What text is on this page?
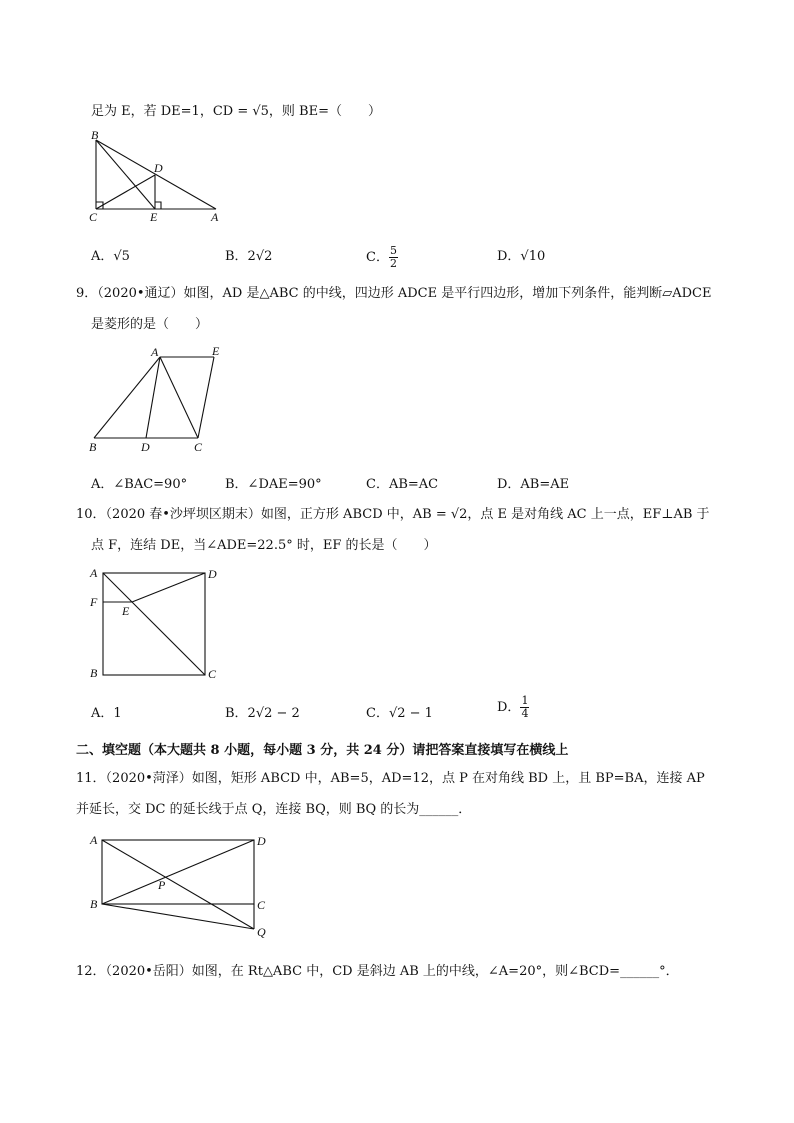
足为 E，若 DE=1，CD = √5，则 BE=（　　）
B
D
C	E	A
A．√5	B．2√2	C． $\frac{5}{2}$	D．√10
9．（2020•通辽）如图，AD 是△ABC 的中线，四边形 ADCE 是平行四边形，增加下列条件，能判断▱ADCE
是菱形的是（　　）
A	E
B	D	C
A．∠BAC=90°	B．∠DAE=90°	C．AB=AC	D．AB=AE
10．（2020 春•沙坪坝区期末）如图，正方形 ABCD 中，AB = √2，点 E 是对角线 AC 上一点，EF⊥AB 于
点 F，连结 DE，当∠ADE=22.5° 时，EF 的长是（　　）
A	D
F
E
B	C
A．1	B．2√2 − 2	C．√2 − 1	D． $\frac{1}{4}$
二、填空题（本大题共 8 小题，每小题 3 分，共 24 分）请把答案直接填写在横线上
11．（2020•菏泽）如图，矩形 ABCD 中，AB=5，AD=12，点 P 在对角线 BD 上，且 BP=BA，连接 AP
并延长，交 DC 的延长线于点 Q，连接 BQ，则 BQ 的长为______．
A	D
P
B	C
Q
12．（2020•岳阳）如图，在 Rt△ABC 中，CD 是斜边 AB 上的中线，∠A=20°，则∠BCD=______°．
